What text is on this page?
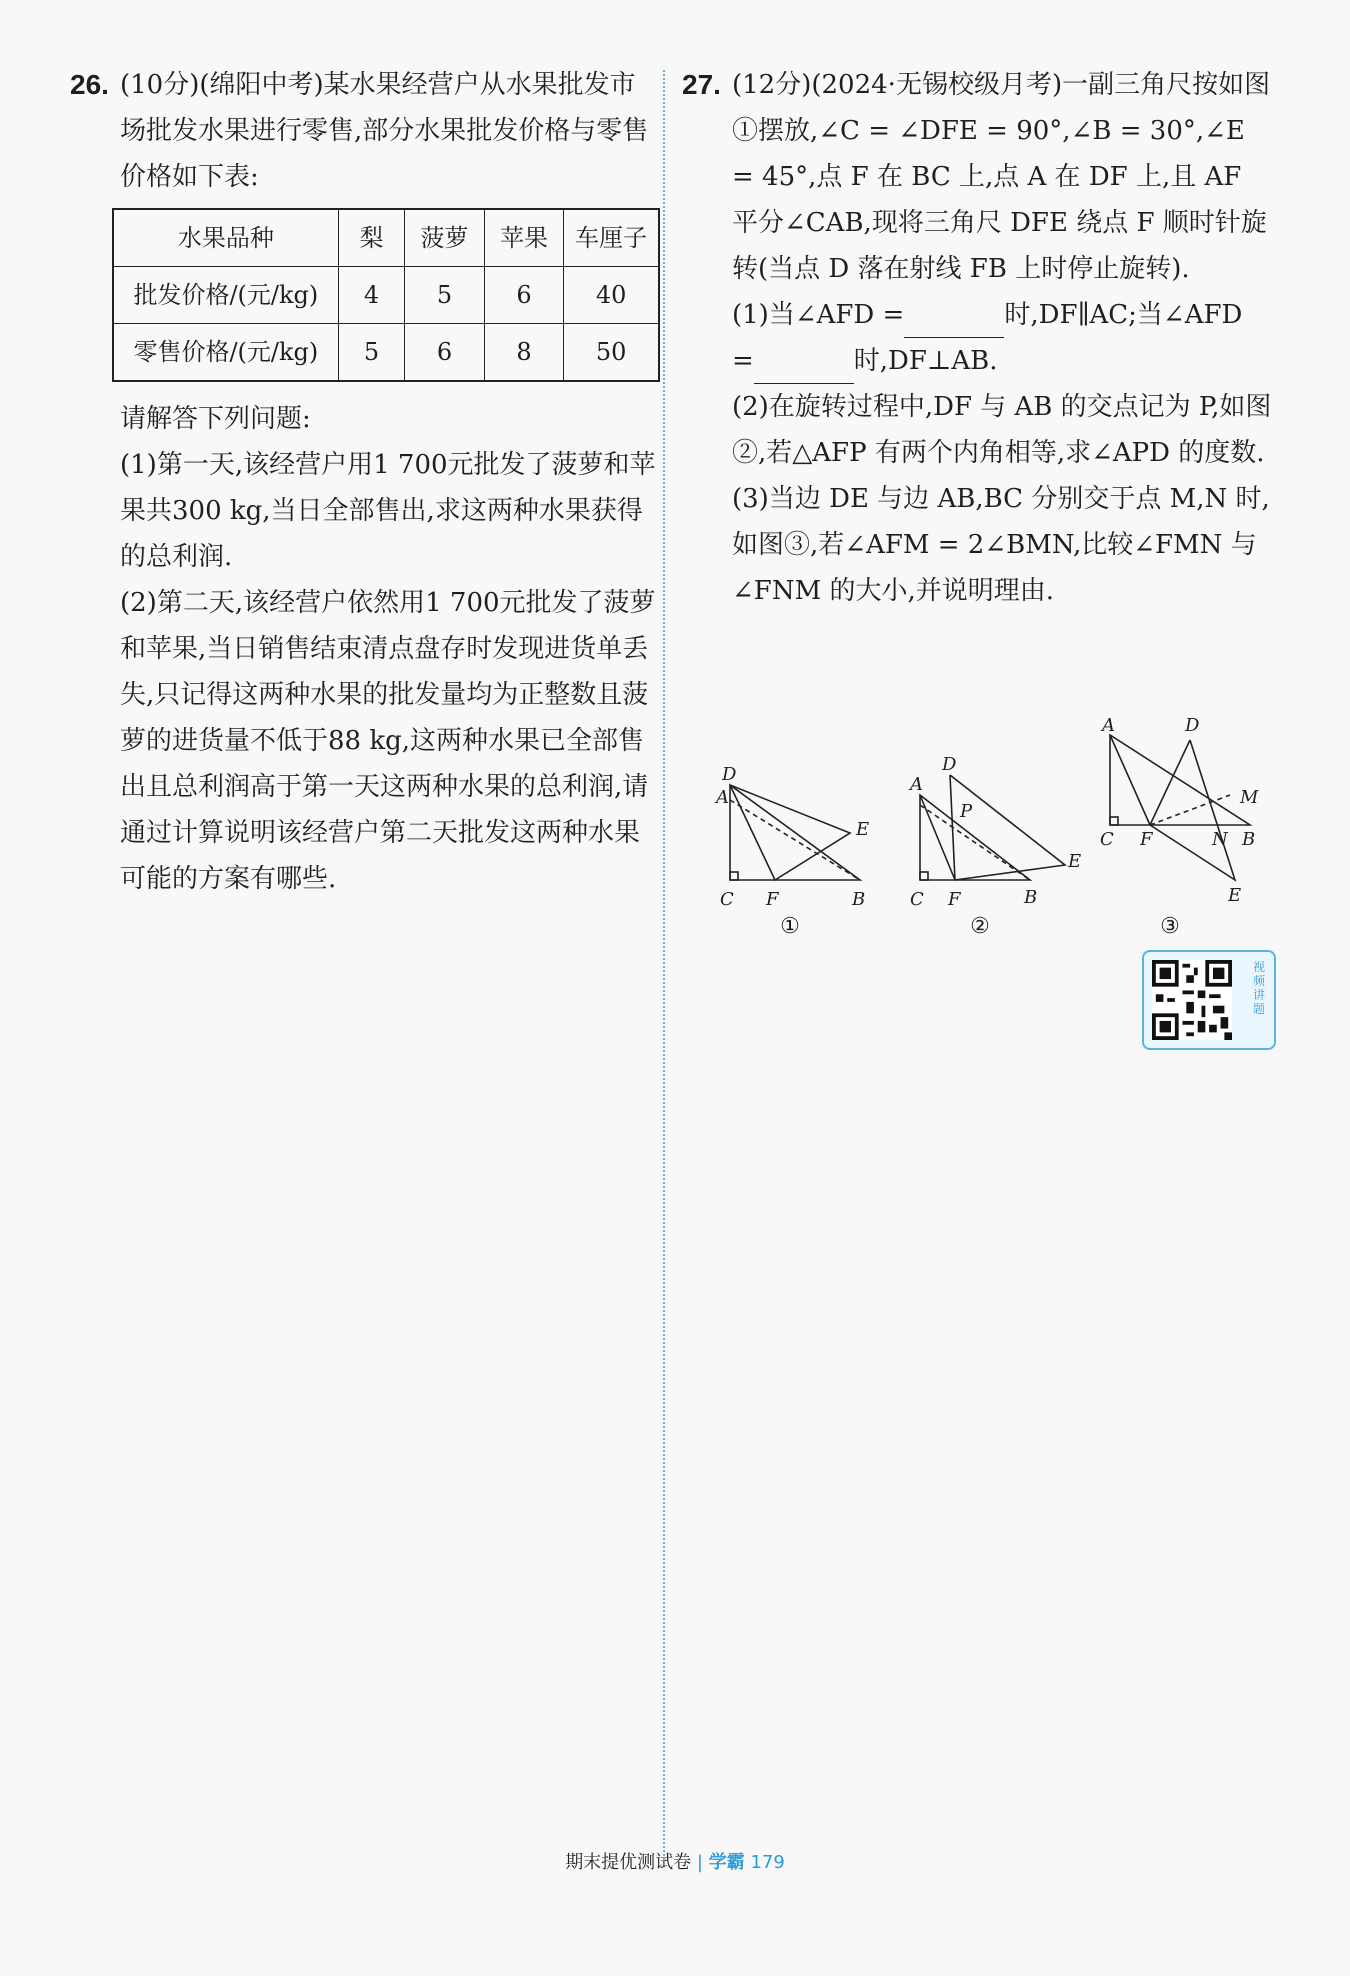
26. (10分)(绵阳中考)某水果经营户从水果批发市场批发水果进行零售,部分水果批发价格与零售价格如下表:

水果品种	梨	菠萝	苹果	车厘子
批发价格/(元/kg)	4	5	6	40
零售价格/(元/kg)	5	6	8	50

请解答下列问题:

(1)第一天,该经营户用1 700元批发了菠萝和苹果共300 kg,当日全部售出,求这两种水果获得的总利润.

(2)第二天,该经营户依然用1 700元批发了菠萝和苹果,当日销售结束清点盘存时发现进货单丢失,只记得这两种水果的批发量均为正整数且菠萝的进货量不低于88 kg,这两种水果已全部售出且总利润高于第一天这两种水果的总利润,请通过计算说明该经营户第二天批发这两种水果可能的方案有哪些.

27. (12分)(2024·无锡校级月考)一副三角尺按如图①摆放,∠C = ∠DFE = 90°,∠B = 30°,∠E = 45°,点 F 在 BC 上,点 A 在 DF 上,且 AF 平分∠CAB,现将三角尺 DFE 绕点 F 顺时针旋转(当点 D 落在射线 FB 上时停止旋转).

(1)当∠AFD =	时,DF∥AC;当∠AFD =	时,DF⊥AB.

(2)在旋转过程中,DF 与 AB 的交点记为 P,如图②,若△AFP 有两个内角相等,求∠APD 的度数.

(3)当边 DE 与边 AB,BC 分别交于点 M,N 时,如图③,若∠AFM = 2∠BMN,比较∠FMN 与∠FNM 的大小,并说明理由.

D
A
E
C F	B
D
A
P
E
C F	B
A	D
M
C F	N B
E
①	②	③
视频讲题
期末提优测试卷 | 学霸 179
